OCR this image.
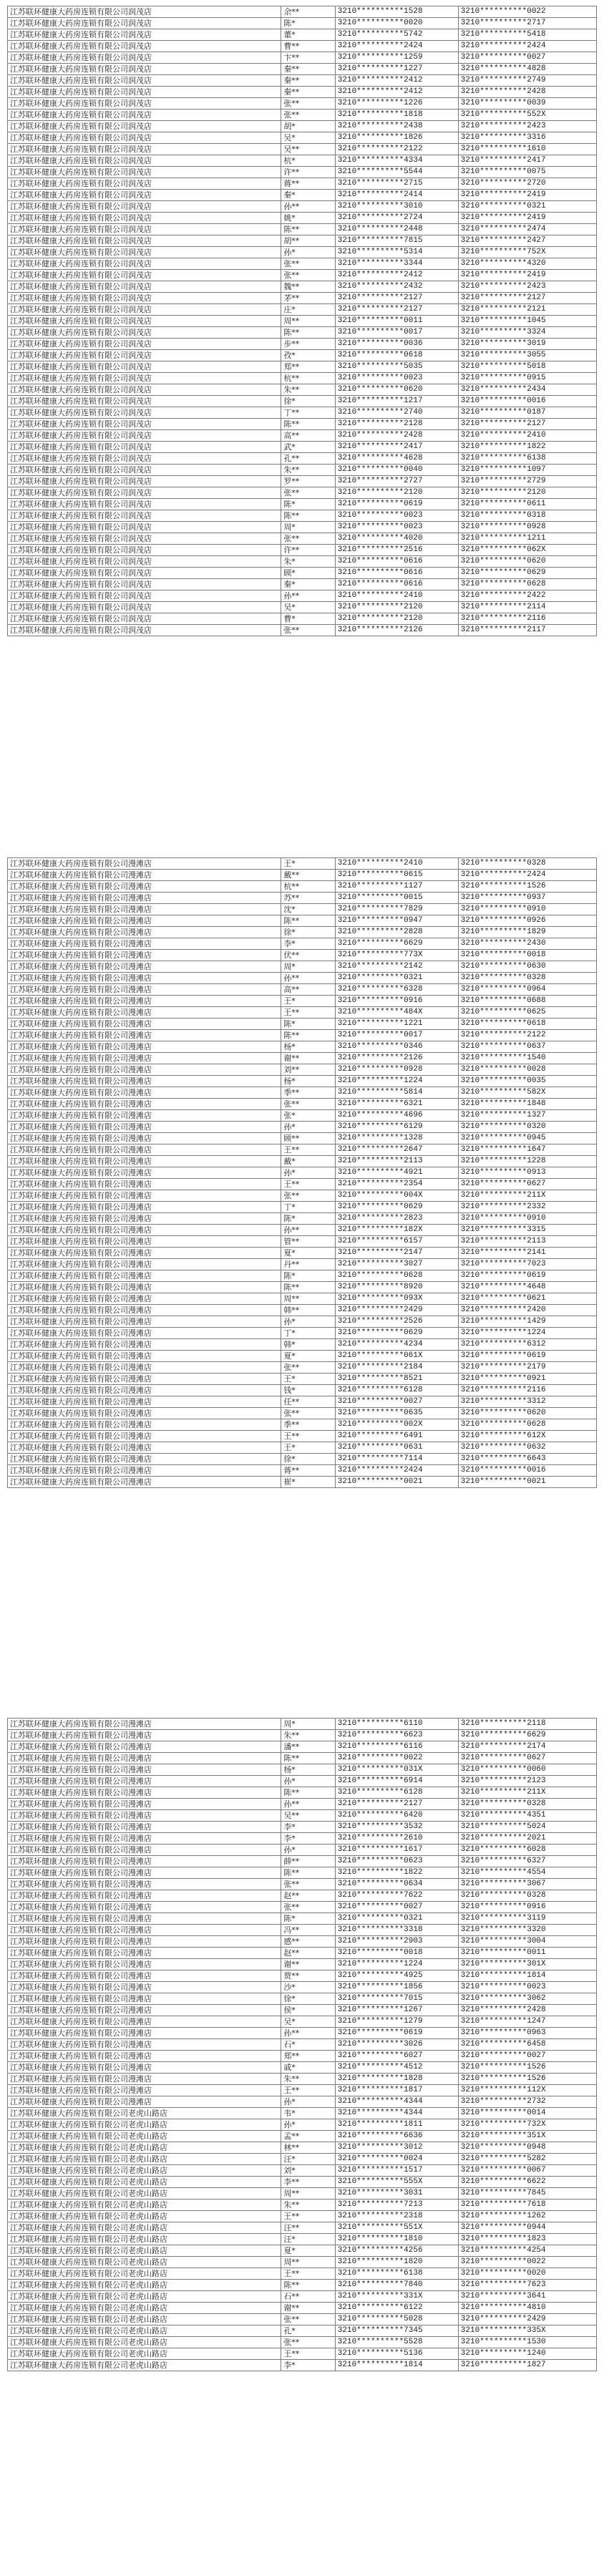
江苏联环健康大药房连锁有限公司润茂店	余**	3210**********1528	3210**********0022
江苏联环健康大药房连锁有限公司润茂店	陈*	3210**********0020	3210**********2717
江苏联环健康大药房连锁有限公司润茂店	董*	3210**********5742	3210**********5418
江苏联环健康大药房连锁有限公司润茂店	曹**	3210**********2424	3210**********2424
江苏联环健康大药房连锁有限公司润茂店	卞**	3210**********1259	3210**********0027
江苏联环健康大药房连锁有限公司润茂店	秦**	3210**********1227	3210**********4828
江苏联环健康大药房连锁有限公司润茂店	秦**	3210**********2412	3210**********2749
江苏联环健康大药房连锁有限公司润茂店	秦**	3210**********2412	3210**********2428
江苏联环健康大药房连锁有限公司润茂店	张**	3210**********1226	3210**********0039
江苏联环健康大药房连锁有限公司润茂店	张**	3210**********1818	3210**********552X
江苏联环健康大药房连锁有限公司润茂店	胡*	3210**********2438	3210**********2423
江苏联环健康大药房连锁有限公司润茂店	吴*	3210**********1826	3210**********3316
江苏联环健康大药房连锁有限公司润茂店	吴**	3210**********2122	3210**********1610
江苏联环健康大药房连锁有限公司润茂店	杭*	3210**********4334	3210**********2417
江苏联环健康大药房连锁有限公司润茂店	许**	3210**********5544	3210**********0075
江苏联环健康大药房连锁有限公司润茂店	蒋**	3210**********2715	3210**********2720
江苏联环健康大药房连锁有限公司润茂店	秦*	3210**********2414	3210**********2419
江苏联环健康大药房连锁有限公司润茂店	孙**	3210**********3010	3210**********0321
江苏联环健康大药房连锁有限公司润茂店	姚*	3210**********2724	3210**********2419
江苏联环健康大药房连锁有限公司润茂店	陈**	3210**********2448	3210**********2474
江苏联环健康大药房连锁有限公司润茂店	胡**	3210**********7815	3210**********2427
江苏联环健康大药房连锁有限公司润茂店	孙*	3210**********5314	3210**********752X
江苏联环健康大药房连锁有限公司润茂店	张**	3210**********3344	3210**********4320
江苏联环健康大药房连锁有限公司润茂店	张**	3210**********2412	3210**********2419
江苏联环健康大药房连锁有限公司润茂店	魏**	3210**********2432	3210**********2423
江苏联环健康大药房连锁有限公司润茂店	茅**	3210**********2127	3210**********2127
江苏联环健康大药房连锁有限公司润茂店	庄*	3210**********2127	3210**********2121
江苏联环健康大药房连锁有限公司润茂店	周**	3210**********0011	3210**********1045
江苏联环健康大药房连锁有限公司润茂店	陈**	3210**********0017	3210**********3324
江苏联环健康大药房连锁有限公司润茂店	步**	3210**********0036	3210**********3019
江苏联环健康大药房连锁有限公司润茂店	孜*	3210**********0618	3210**********3055
江苏联环健康大药房连锁有限公司润茂店	郑**	3210**********5035	3210**********5018
江苏联环健康大药房连锁有限公司润茂店	杭**	3210**********0023	3210**********0915
江苏联环健康大药房连锁有限公司润茂店	朱**	3210**********0620	3210**********2434
江苏联环健康大药房连锁有限公司润茂店	徐*	3210**********1217	3210**********0016
江苏联环健康大药房连锁有限公司润茂店	丁**	3210**********2740	3210**********0187
江苏联环健康大药房连锁有限公司润茂店	陈**	3210**********2128	3210**********2127
江苏联环健康大药房连锁有限公司润茂店	高**	3210**********2428	3210**********2410
江苏联环健康大药房连锁有限公司润茂店	武*	3210**********2417	3210**********1822
江苏联环健康大药房连锁有限公司润茂店	孔**	3210**********4628	3210**********6138
江苏联环健康大药房连锁有限公司润茂店	朱**	3210**********0040	3210**********1097
江苏联环健康大药房连锁有限公司润茂店	罗**	3210**********2727	3210**********2729
江苏联环健康大药房连锁有限公司润茂店	张**	3210**********2120	3210**********2120
江苏联环健康大药房连锁有限公司润茂店	陈*	3210**********0619	3210**********0611
江苏联环健康大药房连锁有限公司润茂店	陈**	3210**********0023	3210**********0318
江苏联环健康大药房连锁有限公司润茂店	周*	3210**********0023	3210**********0928
江苏联环健康大药房连锁有限公司润茂店	张**	3210**********4020	3210**********1211
江苏联环健康大药房连锁有限公司润茂店	许**	3210**********2516	3210**********062X
江苏联环健康大药房连锁有限公司润茂店	朱*	3210**********0616	3210**********0620
江苏联环健康大药房连锁有限公司润茂店	顾*	3210**********0616	3210**********0629
江苏联环健康大药房连锁有限公司润茂店	秦*	3210**********0616	3210**********0628
江苏联环健康大药房连锁有限公司润茂店	孙**	3210**********2410	3210**********2422
江苏联环健康大药房连锁有限公司润茂店	吴*	3210**********2120	3210**********2114
江苏联环健康大药房连锁有限公司润茂店	曹*	3210**********2120	3210**********2116
江苏联环健康大药房连锁有限公司润茂店	张**	3210**********2126	3210**********2117
江苏联环健康大药房连锁有限公司漫滩店	王*	3210**********2410	3210**********0328
江苏联环健康大药房连锁有限公司漫滩店	戴**	3210**********0615	3210**********2424
江苏联环健康大药房连锁有限公司漫滩店	杭**	3210**********1127	3210**********1526
江苏联环健康大药房连锁有限公司漫滩店	苏**	3210**********0015	3210**********0937
江苏联环健康大药房连锁有限公司漫滩店	沈*	3210**********7829	3210**********0910
江苏联环健康大药房连锁有限公司漫滩店	陈**	3210**********0947	3210**********0926
江苏联环健康大药房连锁有限公司漫滩店	徐*	3210**********2828	3210**********1829
江苏联环健康大药房连锁有限公司漫滩店	李*	3210**********6629	3210**********2430
江苏联环健康大药房连锁有限公司漫滩店	伏**	3210**********773X	3210**********0018
江苏联环健康大药房连锁有限公司漫滩店	周*	3210**********2142	3210**********0630
江苏联环健康大药房连锁有限公司漫滩店	孙**	3210**********0321	3210**********0328
江苏联环健康大药房连锁有限公司漫滩店	高**	3210**********6328	3210**********0964
江苏联环健康大药房连锁有限公司漫滩店	王*	3210**********0916	3210**********0688
江苏联环健康大药房连锁有限公司漫滩店	王**	3210**********484X	3210**********0625
江苏联环健康大药房连锁有限公司漫滩店	陈*	3210**********1221	3210**********0618
江苏联环健康大药房连锁有限公司漫滩店	陈**	3210**********0017	3210**********2122
江苏联环健康大药房连锁有限公司漫滩店	杨*	3210**********0346	3210**********0637
江苏联环健康大药房连锁有限公司漫滩店	谢**	3210**********2126	3210**********1540
江苏联环健康大药房连锁有限公司漫滩店	刘**	3210**********0928	3210**********0028
江苏联环健康大药房连锁有限公司漫滩店	杨*	3210**********1224	3210**********0035
江苏联环健康大药房连锁有限公司漫滩店	季**	3210**********5814	3210**********582X
江苏联环健康大药房连锁有限公司漫滩店	张**	3210**********6321	3210**********1848
江苏联环健康大药房连锁有限公司漫滩店	张*	3210**********4696	3210**********1327
江苏联环健康大药房连锁有限公司漫滩店	孙*	3210**********6129	3210**********0320
江苏联环健康大药房连锁有限公司漫滩店	顾**	3210**********1328	3210**********0945
江苏联环健康大药房连锁有限公司漫滩店	王**	3210**********2647	3210**********1647
江苏联环健康大药房连锁有限公司漫滩店	戴*	3210**********2113	3210**********1228
江苏联环健康大药房连锁有限公司漫滩店	孙*	3210**********4921	3210**********0913
江苏联环健康大药房连锁有限公司漫滩店	王**	3210**********2354	3210**********0627
江苏联环健康大药房连锁有限公司漫滩店	张**	3210**********004X	3210**********211X
江苏联环健康大药房连锁有限公司漫滩店	丁*	3210**********0629	3210**********2332
江苏联环健康大药房连锁有限公司漫滩店	陈*	3210**********2823	3210**********0910
江苏联环健康大药房连锁有限公司漫滩店	孙**	3210**********182X	3210**********3315
江苏联环健康大药房连锁有限公司漫滩店	管**	3210**********6157	3210**********2113
江苏联环健康大药房连锁有限公司漫滩店	夏*	3210**********2147	3210**********2141
江苏联环健康大药房连锁有限公司漫滩店	丹**	3210**********3027	3210**********7023
江苏联环健康大药房连锁有限公司漫滩店	陈*	3210**********0628	3210**********0619
江苏联环健康大药房连锁有限公司漫滩店	陈**	3210**********8920	3210**********4648
江苏联环健康大药房连锁有限公司漫滩店	周**	3210**********093X	3210**********0621
江苏联环健康大药房连锁有限公司漫滩店	韩**	3210**********2429	3210**********2420
江苏联环健康大药房连锁有限公司漫滩店	孙*	3210**********2526	3210**********1429
江苏联环健康大药房连锁有限公司漫滩店	丁*	3210**********0629	3210**********1224
江苏联环健康大药房连锁有限公司漫滩店	韩*	3210**********4234	3210**********6312
江苏联环健康大药房连锁有限公司漫滩店	夏*	3210**********061X	3210**********0619
江苏联环健康大药房连锁有限公司漫滩店	张**	3210**********2184	3210**********2179
江苏联环健康大药房连锁有限公司漫滩店	王*	3210**********8521	3210**********0921
江苏联环健康大药房连锁有限公司漫滩店	钱*	3210**********6128	3210**********2116
江苏联环健康大药房连锁有限公司漫滩店	任**	3210**********0027	3210**********3312
江苏联环健康大药房连锁有限公司漫滩店	张**	3210**********0635	3210**********0620
江苏联环健康大药房连锁有限公司漫滩店	季**	3210**********002X	3210**********0628
江苏联环健康大药房连锁有限公司漫滩店	王**	3210**********6491	3210**********612X
江苏联环健康大药房连锁有限公司漫滩店	王*	3210**********0631	3210**********0632
江苏联环健康大药房连锁有限公司漫滩店	徐*	3210**********7114	3210**********6643
江苏联环健康大药房连锁有限公司漫滩店	蒋**	3210**********2424	3210**********0016
江苏联环健康大药房连锁有限公司漫滩店	崔*	3210**********0021	3210**********0021
江苏联环健康大药房连锁有限公司漫滩店	周*	3210**********6110	3210**********2118
江苏联环健康大药房连锁有限公司漫滩店	朱**	3210**********6623	3210**********6629
江苏联环健康大药房连锁有限公司漫滩店	潘**	3210**********6116	3210**********2174
江苏联环健康大药房连锁有限公司漫滩店	陈**	3210**********0022	3210**********0627
江苏联环健康大药房连锁有限公司漫滩店	杨*	3210**********031X	3210**********0060
江苏联环健康大药房连锁有限公司漫滩店	孙*	3210**********6914	3210**********2123
江苏联环健康大药房连锁有限公司漫滩店	陈**	3210**********6128	3210**********211X
江苏联环健康大药房连锁有限公司漫滩店	孙**	3210**********2127	3210**********0328
江苏联环健康大药房连锁有限公司漫滩店	吴**	3210**********6420	3210**********4351
江苏联环健康大药房连锁有限公司漫滩店	李*	3210**********3532	3210**********5024
江苏联环健康大药房连锁有限公司漫滩店	李*	3210**********2610	3210**********2021
江苏联环健康大药房连锁有限公司漫滩店	孙*	3210**********1617	3210**********6028
江苏联环健康大药房连锁有限公司漫滩店	薛**	3210**********0623	3210**********6327
江苏联环健康大药房连锁有限公司漫滩店	陈**	3210**********1822	3210**********4554
江苏联环健康大药房连锁有限公司漫滩店	张**	3210**********0634	3210**********3067
江苏联环健康大药房连锁有限公司漫滩店	赵**	3210**********7622	3210**********0328
江苏联环健康大药房连锁有限公司漫滩店	张**	3210**********0027	3210**********0916
江苏联环健康大药房连锁有限公司漫滩店	陈*	3210**********0321	3210**********3119
江苏联环健康大药房连锁有限公司漫滩店	冯**	3210**********3318	3210**********3320
江苏联环健康大药房连锁有限公司漫滩店	感**	3210**********2903	3210**********3004
江苏联环健康大药房连锁有限公司漫滩店	赵**	3210**********0018	3210**********0011
江苏联环健康大药房连锁有限公司漫滩店	谢**	3210**********1224	3210**********301X
江苏联环健康大药房连锁有限公司漫滩店	贾**	3210**********4925	3210**********1814
江苏联环健康大药房连锁有限公司漫滩店	沙*	3210**********1856	3210**********0023
江苏联环健康大药房连锁有限公司漫滩店	徐*	3210**********7015	3210**********3062
江苏联环健康大药房连锁有限公司漫滩店	侯*	3210**********1267	3210**********2428
江苏联环健康大药房连锁有限公司漫滩店	吴*	3210**********1279	3210**********1247
江苏联环健康大药房连锁有限公司漫滩店	孙**	3210**********0619	3210**********0963
江苏联环健康大药房连锁有限公司漫滩店	石*	3210**********3026	3210**********6458
江苏联环健康大药房连锁有限公司漫滩店	郑**	3210**********6027	3210**********0027
江苏联环健康大药房连锁有限公司漫滩店	戚*	3210**********4512	3210**********1526
江苏联环健康大药房连锁有限公司漫滩店	朱**	3210**********1828	3210**********1526
江苏联环健康大药房连锁有限公司漫滩店	王**	3210**********1817	3210**********112X
江苏联环健康大药房连锁有限公司漫滩店	孙*	3210**********4344	3210**********2732
江苏联环健康大药房连锁有限公司老虎山路店	韦*	3210**********4344	3210**********0014
江苏联环健康大药房连锁有限公司老虎山路店	孙*	3210**********1811	3210**********732X
江苏联环健康大药房连锁有限公司老虎山路店	孟**	3210**********6636	3210**********351X
江苏联环健康大药房连锁有限公司老虎山路店	林**	3210**********3012	3210**********0948
江苏联环健康大药房连锁有限公司老虎山路店	汪*	3210**********0024	3210**********5282
江苏联环健康大药房连锁有限公司老虎山路店	刘*	3210**********1517	3210**********0067
江苏联环健康大药房连锁有限公司老虎山路店	李**	3210**********555X	3210**********6622
江苏联环健康大药房连锁有限公司老虎山路店	周**	3210**********3031	3210**********7845
江苏联环健康大药房连锁有限公司老虎山路店	朱**	3210**********7213	3210**********7618
江苏联环健康大药房连锁有限公司老虎山路店	王**	3210**********2318	3210**********1262
江苏联环健康大药房连锁有限公司老虎山路店	汪**	3210**********551X	3210**********0944
江苏联环健康大药房连锁有限公司老虎山路店	汪*	3210**********1810	3210**********1823
江苏联环健康大药房连锁有限公司老虎山路店	夏*	3210**********4256	3210**********4254
江苏联环健康大药房连锁有限公司老虎山路店	周**	3210**********1820	3210**********0022
江苏联环健康大药房连锁有限公司老虎山路店	王**	3210**********6138	3210**********0020
江苏联环健康大药房连锁有限公司老虎山路店	陈**	3210**********7840	3210**********7623
江苏联环健康大药房连锁有限公司老虎山路店	石**	3210**********331X	3210**********3641
江苏联环健康大药房连锁有限公司老虎山路店	谢**	3210**********6122	3210**********4810
江苏联环健康大药房连锁有限公司老虎山路店	张**	3210**********5028	3210**********2429
江苏联环健康大药房连锁有限公司老虎山路店	孔*	3210**********7345	3210**********335X
江苏联环健康大药房连锁有限公司老虎山路店	张**	3210**********5528	3210**********1530
江苏联环健康大药房连锁有限公司老虎山路店	王**	3210**********5136	3210**********1240
江苏联环健康大药房连锁有限公司老虎山路店	李*	3210**********1814	3210**********1827
